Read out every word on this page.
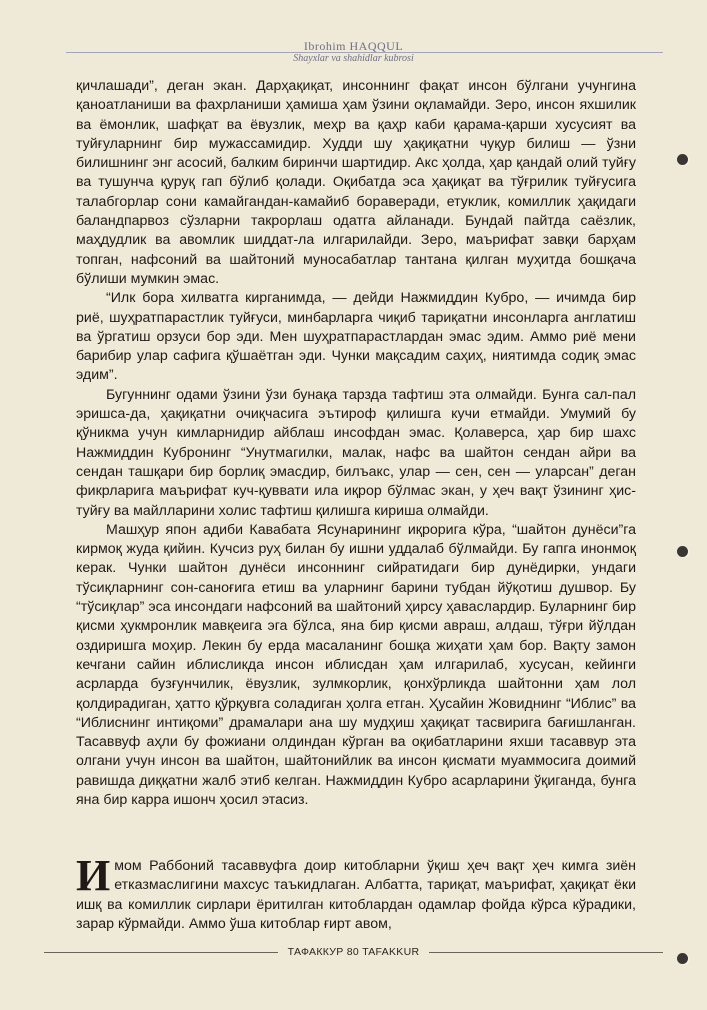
Ibrohim HAQQUL
Shayxlar va shahidlar kubrosi

қичлашади”, деган экан. Дарҳақиқат, инсоннинг фақат инсон бўлгани учунгина қаноатланиши ва фахрланиши ҳамиша ҳам ўзини оқламайди. Зеро, инсон яхшилик ва ёмонлик, шафқат ва ёвузлик, меҳр ва қаҳр каби қарама-қарши хусусият ва туйғуларнинг бир мужассамидир. Худди шу ҳақиқатни чуқур билиш — ўзни билишнинг энг асосий, балким биринчи шартидир. Акс ҳолда, ҳар қандай олий туйғу ва тушунча қуруқ гап бўлиб қолади. Оқибатда эса ҳақиқат ва тўғрилик туйғусига талабгорлар сони камайгандан-камайиб бораверади, етуклик, комиллик ҳақидаги баландпарвоз сўзларни такрорлаш одатга айланади. Бундай пайтда саёзлик, маҳдудлик ва авомлик шиддат-ла илгарилайди. Зеро, маърифат завқи барҳам топган, нафсоний ва шайтоний муносабатлар тантана қилган муҳитда бошқача бўлиши мумкин эмас.

“Илк бора хилватга кирганимда, — дейди Нажмиддин Кубро, — ичимда бир риё, шуҳратпарастлик туйғуси, минбарларга чиқиб тариқатни инсонларга англатиш ва ўргатиш орзуси бор эди. Мен шуҳратпарастлардан эмас эдим. Аммо риё мени барибир улар сафига қўшаётган эди. Чунки мақсадим саҳиҳ, ниятимда содиқ эмас эдим”.

Бугуннинг одами ўзини ўзи бунақа тарзда тафтиш эта олмайди. Бунга сал-пал эришса-да, ҳақиқатни очиқчасига эътироф қилишга кучи етмайди. Умумий бу қўникма учун кимларнидир айблаш инсофдан эмас. Қолаверса, ҳар бир шахс Нажмиддин Кубронинг “Унутмагилки, малак, нафс ва шайтон сендан айри ва сендан ташқари бир борлиқ эмасдир, билъакс, улар — сен, сен — уларсан” деган фикрларига маърифат куч-қуввати ила иқрор бўлмас экан, у ҳеч вақт ўзининг ҳис-туйғу ва майлларини холис тафтиш қилишга кириша олмайди.

Машҳур япон адиби Кавабата Ясунарининг иқрорига кўра, “шайтон дунёси”га кирмоқ жуда қийин. Кучсиз руҳ билан бу ишни уддалаб бўлмайди. Бу гапга инонмоқ керак. Чунки шайтон дунёси инсоннинг сийратидаги бир дунёдирки, ундаги тўсиқларнинг сон-саноғига етиш ва уларнинг барини тубдан йўқотиш душвор. Бу “тўсиқлар” эса инсондаги нафсоний ва шайтоний ҳирсу ҳаваслардир. Буларнинг бир қисми ҳукмронлик мавқеига эга бўлса, яна бир қисми авраш, алдаш, тўғри йўлдан оздиришга моҳир. Лекин бу ерда масаланинг бошқа жиҳати ҳам бор. Вақту замон кечгани сайин иблисликда инсон иблисдан ҳам илгарилаб, хусусан, кейинги асрларда бузғунчилик, ёвузлик, зулмкорлик, қонхўрликда шайтонни ҳам лол қолдирадиган, ҳатто қўрқувга соладиган ҳолга етган. Ҳусайин Жовиднинг “Иблис” ва “Иблиснинг интиқоми” драмалари ана шу мудҳиш ҳақиқат тасвирига бағишланган. Тасаввуф аҳли бу фожиани олдиндан кўрган ва оқибатларини яхши тасаввур эта олгани учун инсон ва шайтон, шайтонийлик ва инсон қисмати муаммосига доимий равишда диққатни жалб этиб келган. Нажмиддин Кубро асарларини ўқиганда, бунга яна бир карра ишонч ҳосил этасиз.

И мом Раббоний тасаввуфга доир китобларни ўқиш ҳеч вақт ҳеч кимга зиён етказмаслигини махсус таъкидлаган. Албатта, тариқат, маърифат, ҳақиқат ёки ишқ ва комиллик сирлари ёритилган китоблардан одамлар фойда кўрса кўрадики, зарар кўрмайди. Аммо ўша китоблар ғирт авом,

ТАФАККУР 80 TAFAKKUR
